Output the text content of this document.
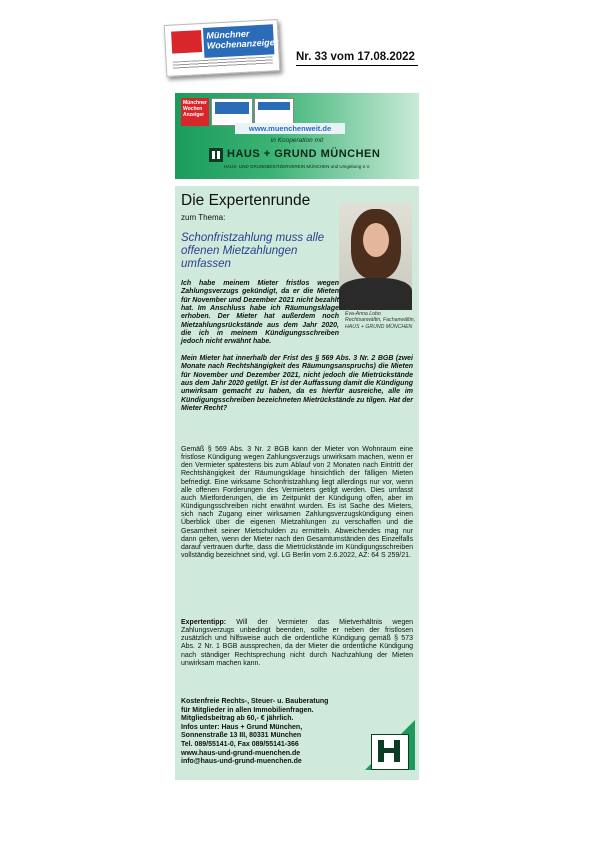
Münchner Wochenanzeiger
Nr. 33 vom 17.08.2022
Münchner Wochen Anzeiger
www.muenchenweit.de
in Kooperation mit
HAUS + GRUND MÜNCHEN
HAUS- UND GRUNDBESITZERVEREIN MÜNCHEN und Umgebung e.V.
Die Expertenrunde
zum Thema:
Schonfristzahlung muss alle offenen Mietzahlungen umfassen
Eva-Anna Lobo Rechtsanwältin, Fachanwältin, HAUS + GRUND MÜNCHEN
Ich habe meinem Mieter fristlos wegen Zahlungsverzugs gekündigt, da er die Mieten für November und Dezember 2021 nicht bezahlt hat. Im Anschluss habe ich Räumungsklage erhoben. Der Mieter hat außerdem noch Mietzahlungsrückstände aus dem Jahr 2020, die ich in meinem Kündigungsschreiben jedoch nicht erwähnt habe.
Mein Mieter hat innerhalb der Frist des § 569 Abs. 3 Nr. 2 BGB (zwei Monate nach Rechtshängigkeit des Räumungsanspruchs) die Mieten für November und Dezember 2021, nicht jedoch die Mietrückstände aus dem Jahr 2020 getilgt. Er ist der Auffassung damit die Kündigung unwirksam gemacht zu haben, da es hierfür ausreiche, alle im Kündigungsschreiben bezeichneten Mietrückstände zu tilgen. Hat der Mieter Recht?
Gemäß § 569 Abs. 3 Nr. 2 BGB kann der Mieter von Wohnraum eine fristlose Kündigung wegen Zahlungsverzugs unwirksam machen, wenn er den Vermieter spätestens bis zum Ablauf von 2 Monaten nach Eintritt der Rechtshängigkeit der Räumungsklage hinsichtlich der fälligen Mieten befriedigt. Eine wirksame Schonfristzahlung liegt allerdings nur vor, wenn alle offenen Forderungen des Vermieters getilgt werden. Dies umfasst auch Mietforderungen, die im Zeitpunkt der Kündigung offen, aber im Kündigungsschreiben nicht erwähnt wurden. Es ist Sache des Mieters, sich nach Zugang einer wirksamen Zahlungsverzugskündigung einen Überblick über die eigenen Mietzahlungen zu verschaffen und die Gesamtheit seiner Mietschulden zu ermitteln. Abweichendes mag nur dann gelten, wenn der Mieter nach den Gesamtumständen des Einzelfalls darauf vertrauen durfte, dass die Mietrückstände im Kündigungsschreiben vollständig bezeichnet sind, vgl. LG Berlin vom 2.6.2022, AZ: 64 S 259/21.
Expertentipp: Will der Vermieter das Mietverhältnis wegen Zahlungsverzugs unbedingt beenden, sollte er neben der fristlosen zusätzlich und hilfsweise auch die ordentliche Kündigung gemäß § 573 Abs. 2 Nr. 1 BGB aussprechen, da der Mieter die ordentliche Kündigung nach ständiger Rechtsprechung nicht durch Nachzahlung der Mieten unwirksam machen kann.
Kostenfreie Rechts-, Steuer- u. Bauberatung
für Mitglieder in allen Immobilienfragen.
Mitgliedsbeitrag ab 60,- € jährlich.
Infos unter: Haus + Grund München,
Sonnenstraße 13 III, 80331 München
Tel. 089/55141-0, Fax 089/55141-366
www.haus-und-grund-muenchen.de
info@haus-und-grund-muenchen.de
